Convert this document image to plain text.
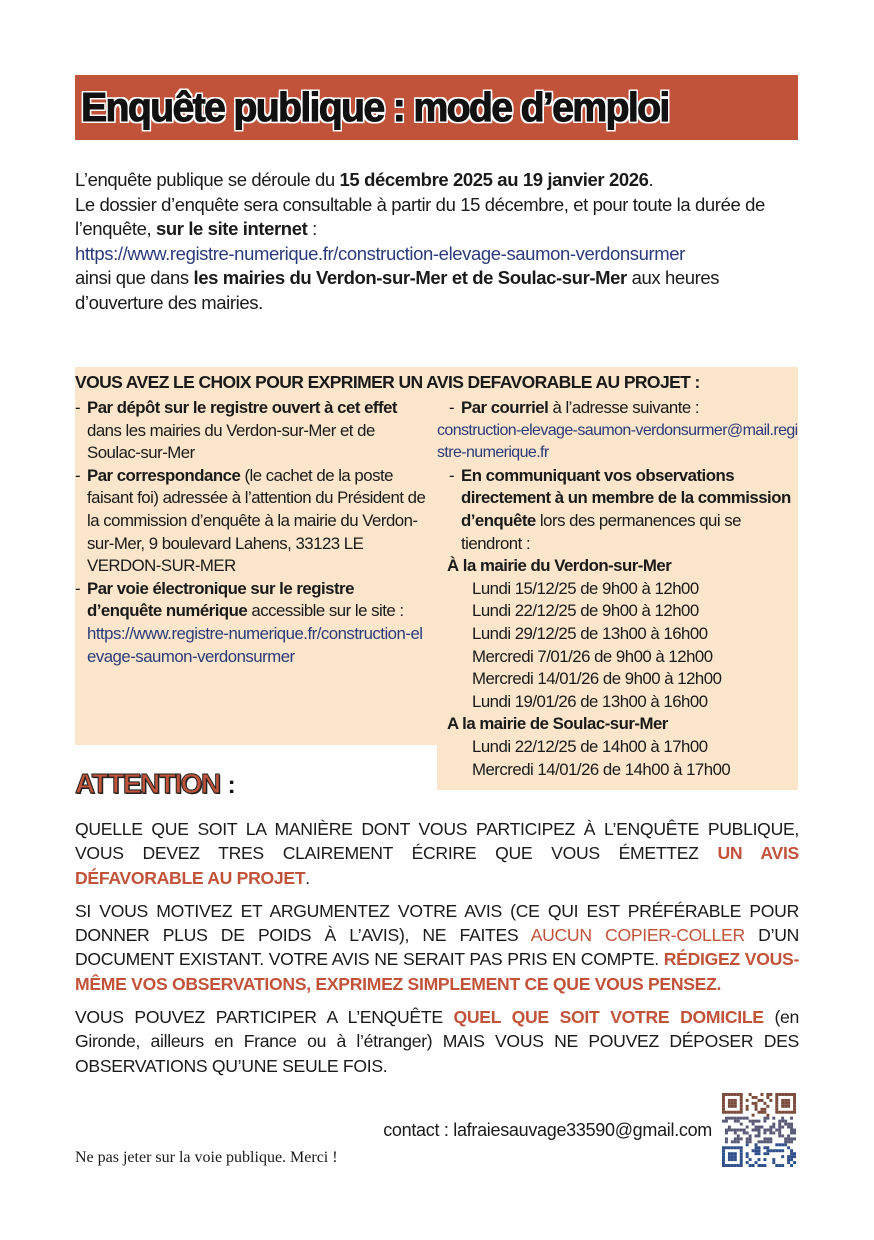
Enquête publique : mode d’emploi

L’enquête publique se déroule du 15 décembre 2025 au 19 janvier 2026.

Le dossier d’enquête sera consultable à partir du 15 décembre, et pour toute la durée de l’enquête, sur le site internet :

https://www.registre-numerique.fr/construction-elevage-saumon-verdonsurmer

ainsi que dans les mairies du Verdon-sur-Mer et de Soulac-sur-Mer aux heures d’ouverture des mairies.

VOUS AVEZ LE CHOIX POUR EXPRIMER UN AVIS DEFAVORABLE AU PROJET :

- Par dépôt sur le registre ouvert à cet effet dans les mairies du Verdon-sur-Mer et de Soulac-sur-Mer

- Par correspondance (le cachet de la poste faisant foi) adressée à l’attention du Président de la commission d’enquête à la mairie du Verdon-sur-Mer, 9 boulevard Lahens, 33123 LE VERDON-SUR-MER

- Par voie électronique sur le registre d’enquête numérique accessible sur le site :
https://www.registre-numerique.fr/construction-elevage-saumon-verdonsurmer

- Par courriel à l’adresse suivante :

construction-elevage-saumon-verdonsurmer@mail.registre-numerique.fr

- En communiquant vos observations directement à un membre de la commission d’enquête lors des permanences qui se tiendront :

À la mairie du Verdon-sur-Mer

Lundi 15/12/25 de 9h00 à 12h00

Lundi 22/12/25 de 9h00 à 12h00

Lundi 29/12/25 de 13h00 à 16h00

Mercredi 7/01/26 de 9h00 à 12h00

Mercredi 14/01/26 de 9h00 à 12h00

Lundi 19/01/26 de 13h00 à 16h00

A la mairie de Soulac-sur-Mer

Lundi 22/12/25 de 14h00 à 17h00

Mercredi 14/01/26 de 14h00 à 17h00

ATTENTION :

QUELLE QUE SOIT LA MANIÈRE DONT VOUS PARTICIPEZ À L’ENQUÊTE PUBLIQUE, VOUS DEVEZ TRES CLAIREMENT ÉCRIRE QUE VOUS ÉMETTEZ UN AVIS DÉFAVORABLE AU PROJET.

SI VOUS MOTIVEZ ET ARGUMENTEZ VOTRE AVIS (CE QUI EST PRÉFÉRABLE POUR DONNER PLUS DE POIDS À L’AVIS), NE FAITES AUCUN COPIER-COLLER D’UN DOCUMENT EXISTANT. VOTRE AVIS NE SERAIT PAS PRIS EN COMPTE. RÉDIGEZ VOUS-MÊME VOS OBSERVATIONS, EXPRIMEZ SIMPLEMENT CE QUE VOUS PENSEZ.

VOUS POUVEZ PARTICIPER A L’ENQUÊTE QUEL QUE SOIT VOTRE DOMICILE (en Gironde, ailleurs en France ou à l’étranger) MAIS VOUS NE POUVEZ DÉPOSER DES OBSERVATIONS QU’UNE SEULE FOIS.

contact : lafraiesauvage33590@gmail.com
Ne pas jeter sur la voie publique. Merci !
